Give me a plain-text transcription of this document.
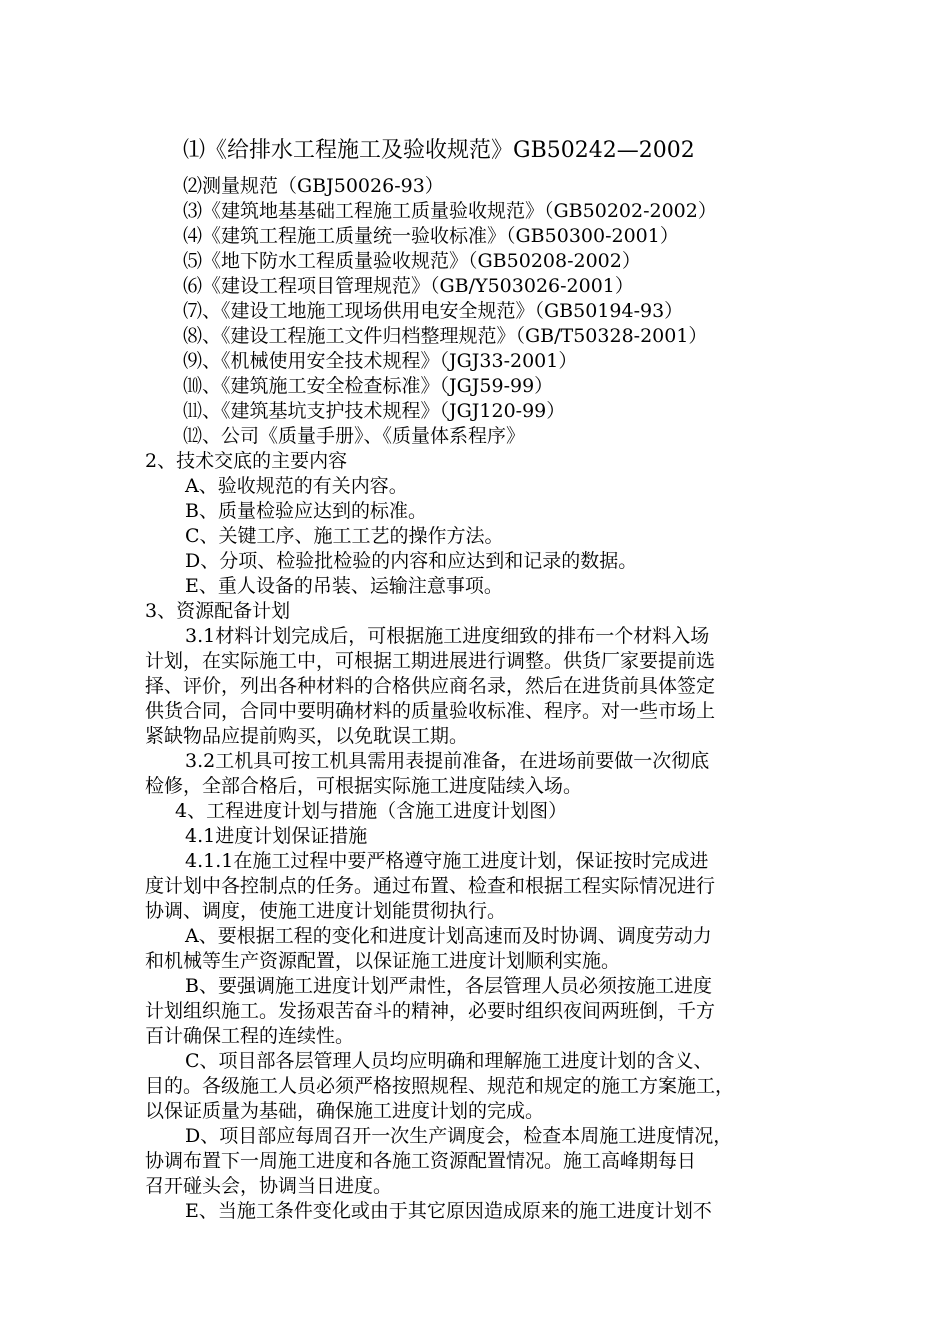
⑴《给排水工程施工及验收规范》GB50242—2002
⑵测量规范（GBJ50026-93）
⑶《建筑地基基础工程施工质量验收规范》（GB50202-2002）
⑷《建筑工程施工质量统一验收标准》（GB50300-2001）
⑸《地下防水工程质量验收规范》（GB50208-2002）
⑹《建设工程项目管理规范》（GB/Y503026-2001）
⑺、《建设工地施工现场供用电安全规范》（GB50194-93）
⑻、《建设工程施工文件归档整理规范》（GB/T50328-2001）
⑼、《机械使用安全技术规程》（JGJ33-2001）
⑽、《建筑施工安全检查标准》（JGJ59-99）
⑾、《建筑基坑支护技术规程》（JGJ120-99）
⑿、公司《质量手册》、《质量体系程序》
2、技术交底的主要内容
A、验收规范的有关内容。
B、质量检验应达到的标准。
C、关键工序、施工工艺的操作方法。
D、分项、检验批检验的内容和应达到和记录的数据。
E、重人设备的吊装、运输注意事项。
3、资源配备计划
3.1材料计划完成后，可根据施工进度细致的排布一个材料入场
计划，在实际施工中，可根据工期进展进行调整。供货厂家要提前选
择、评价，列出各种材料的合格供应商名录，然后在进货前具体签定
供货合同，合同中要明确材料的质量验收标准、程序。对一些市场上
紧缺物品应提前购买，以免耽误工期。
3.2工机具可按工机具需用表提前准备，在进场前要做一次彻底
检修，全部合格后，可根据实际施工进度陆续入场。
4、工程进度计划与措施（含施工进度计划图）
4.1进度计划保证措施
4.1.1在施工过程中要严格遵守施工进度计划，保证按时完成进
度计划中各控制点的任务。通过布置、检查和根据工程实际情况进行
协调、调度，使施工进度计划能贯彻执行。
A、要根据工程的变化和进度计划高速而及时协调、调度劳动力
和机械等生产资源配置，以保证施工进度计划顺利实施。
B、要强调施工进度计划严肃性，各层管理人员必须按施工进度
计划组织施工。发扬艰苦奋斗的精神，必要时组织夜间两班倒，千方
百计确保工程的连续性。
C、项目部各层管理人员均应明确和理解施工进度计划的含义、
目的。各级施工人员必须严格按照规程、规范和规定的施工方案施工，
以保证质量为基础，确保施工进度计划的完成。
D、项目部应每周召开一次生产调度会，检查本周施工进度情况，
协调布置下一周施工进度和各施工资源配置情况。施工高峰期每日
召开碰头会，协调当日进度。
E、当施工条件变化或由于其它原因造成原来的施工进度计划不
